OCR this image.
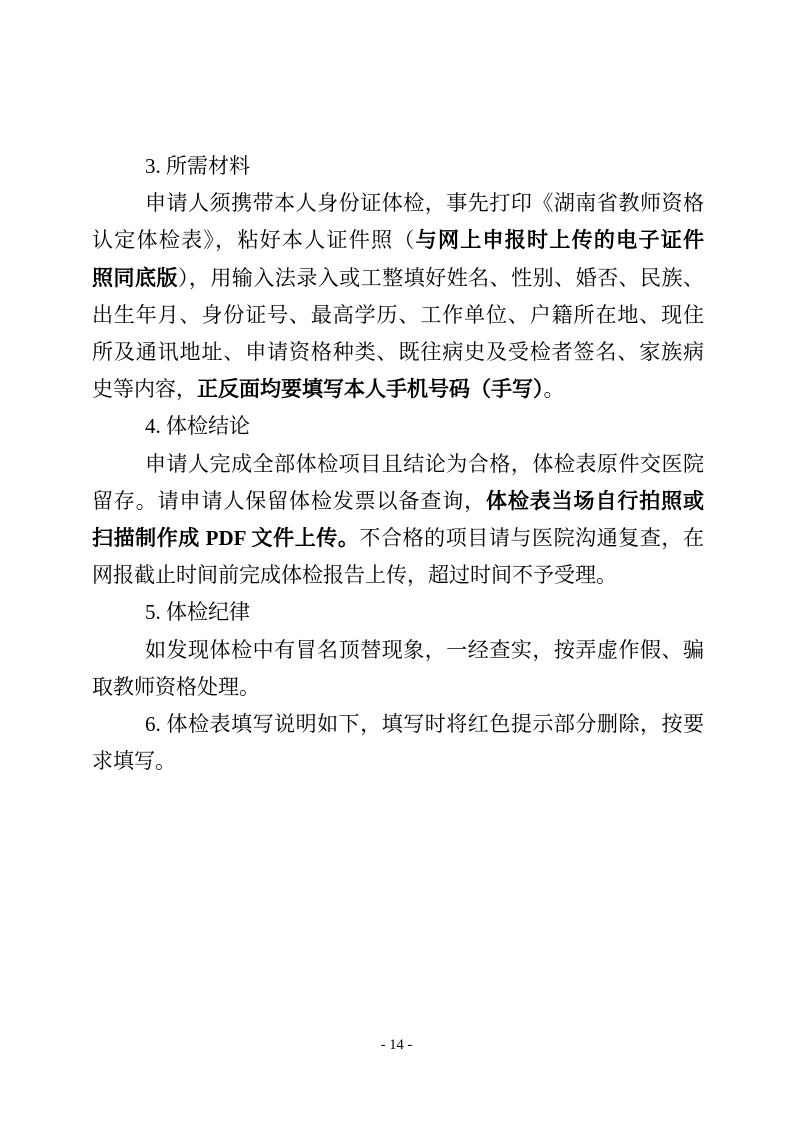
3. 所需材料
申请人须携带本人身份证体检，事先打印《湖南省教师资格
认定体检表》，粘好本人证件照（与网上申报时上传的电子证件
照同底版），用输入法录入或工整填好姓名、性别、婚否、民族、
出生年月、身份证号、最高学历、工作单位、户籍所在地、现住
所及通讯地址、申请资格种类、既往病史及受检者签名、家族病
史等内容，正反面均要填写本人手机号码（手写）。
4. 体检结论
申请人完成全部体检项目且结论为合格，体检表原件交医院
留存。请申请人保留体检发票以备查询，体检表当场自行拍照或
扫描制作成 PDF 文件上传。不合格的项目请与医院沟通复查，在
网报截止时间前完成体检报告上传，超过时间不予受理。
5. 体检纪律
如发现体检中有冒名顶替现象，一经查实，按弄虚作假、骗
取教师资格处理。
6. 体检表填写说明如下，填写时将红色提示部分删除，按要
求填写。
- 14 -
